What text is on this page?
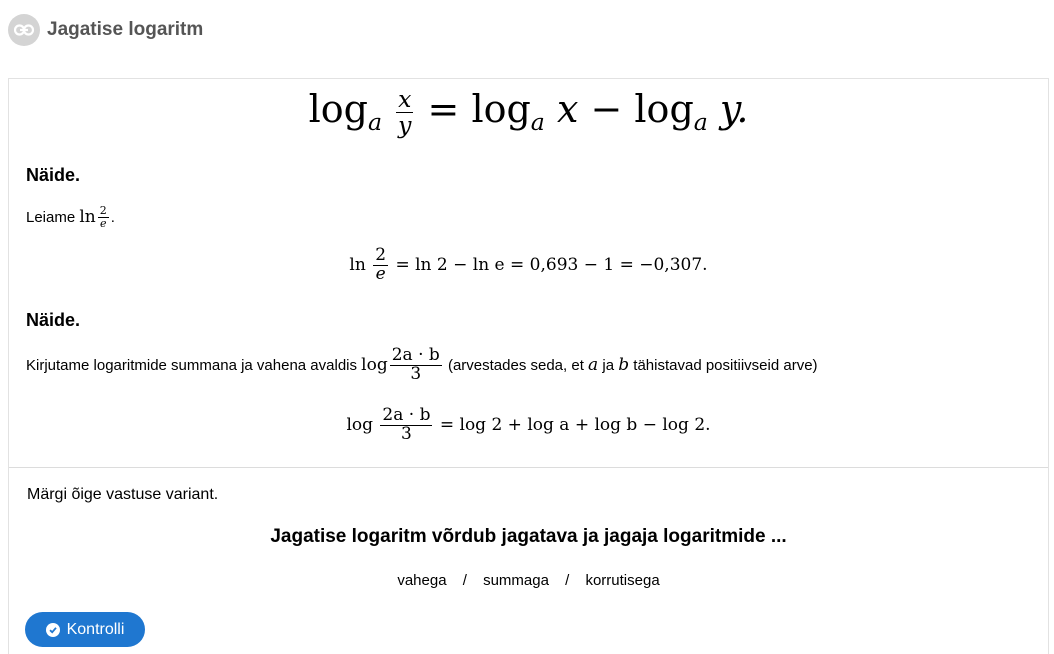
Jagatise logaritm
$\log_a \frac{x}{y} = \log_a x - \log_a y$.
Näide.
Leiame
$\ln \frac{2}{e}$ .
$\ln \frac{2}{e} = \ln 2 - \ln e = 0,693 - 1 = -0,307$.
Näide.
Kirjutame logaritmide summana ja vahena avaldis
$\log \frac{2a \cdot b}{3}$
(arvestades seda, et
a
ja
b
tähistavad positiivseid arve)
$\log \frac{2a \cdot b}{3} = \log 2 + \log a + \log b - \log 2$.
Märgi õige vastuse variant.
Jagatise logaritm võrdub jagatava ja jagaja logaritmide ...
vahega / summaga / korrutisega
Kontrolli
